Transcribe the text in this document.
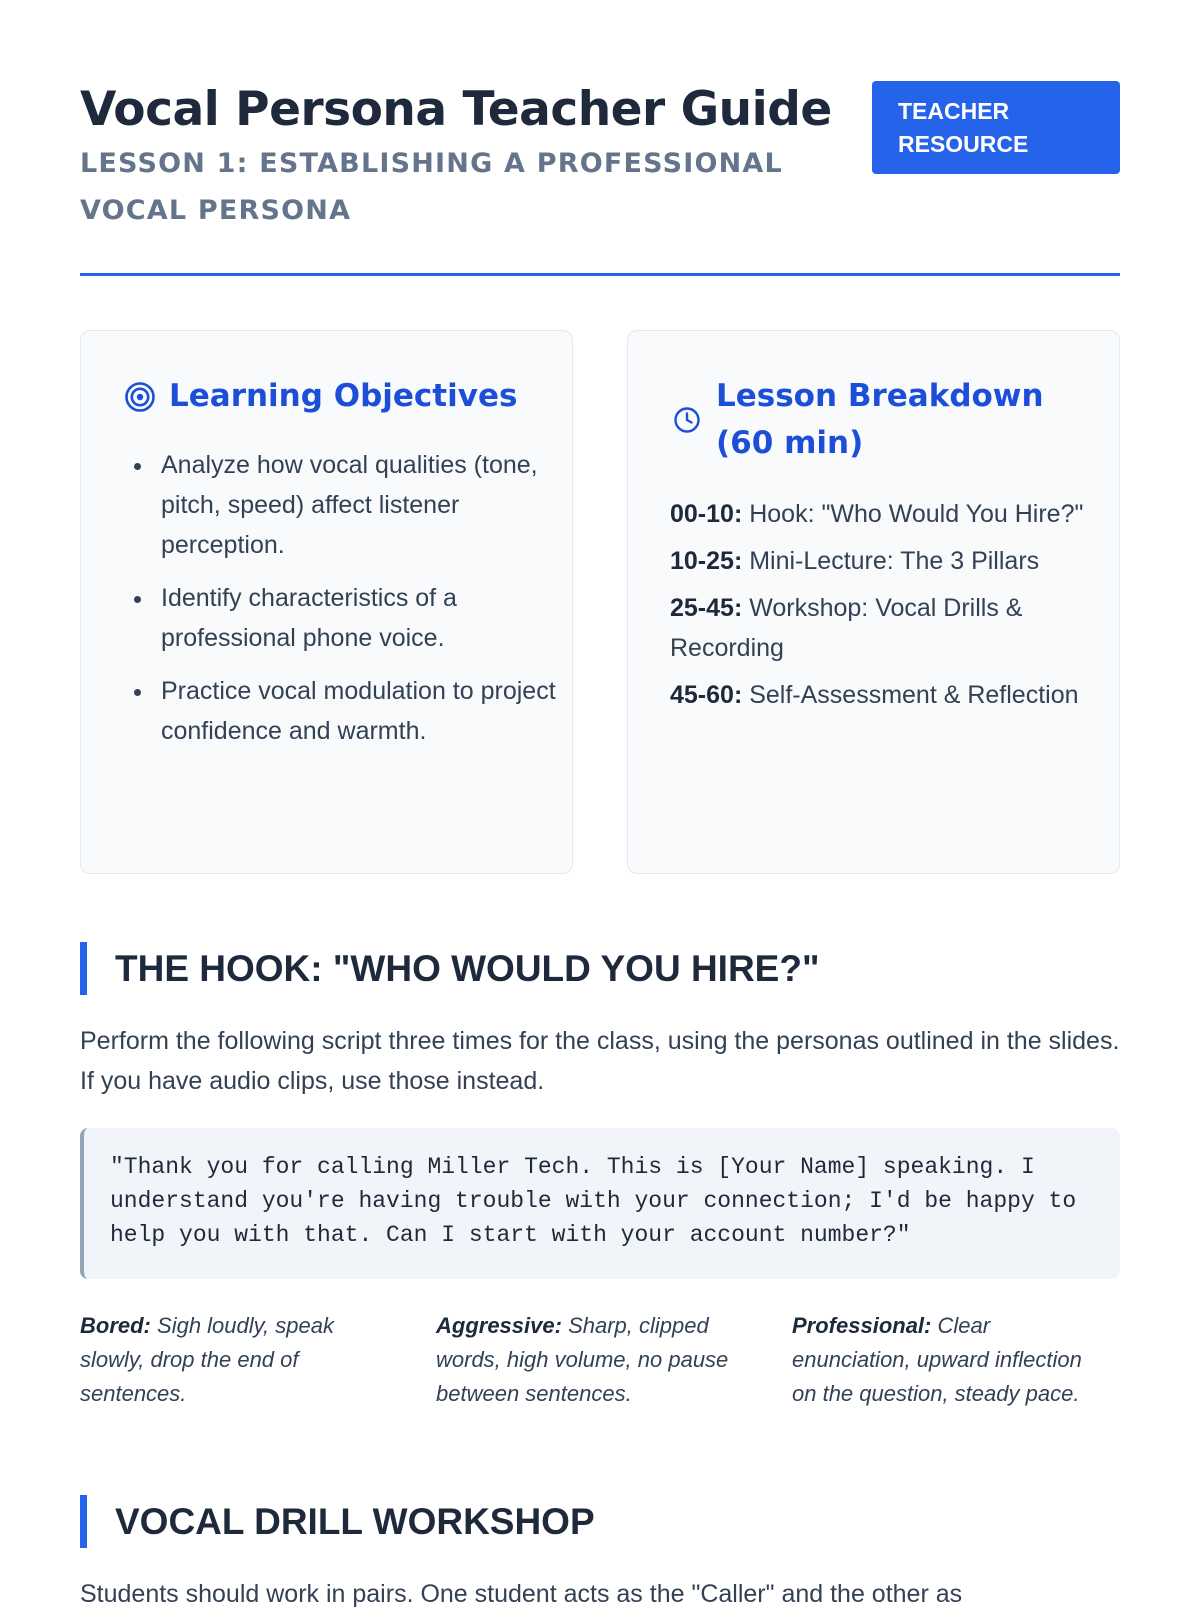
Vocal Persona Teacher Guide
LESSON 1: ESTABLISHING A PROFESSIONAL VOCAL PERSONA
TEACHER RESOURCE
Learning Objectives
• Analyze how vocal qualities (tone, pitch, speed) affect listener perception.
• Identify characteristics of a professional phone voice.
• Practice vocal modulation to project confidence and warmth.
Lesson Breakdown (60 min)
00-10: Hook: "Who Would You Hire?"
10-25: Mini-Lecture: The 3 Pillars
25-45: Workshop: Vocal Drills & Recording
45-60: Self-Assessment & Reflection
THE HOOK: "WHO WOULD YOU HIRE?"

Perform the following script three times for the class, using the personas outlined in the slides. If you have audio clips, use those instead.

"Thank you for calling Miller Tech. This is [Your Name] speaking. I understand you're having trouble with your connection; I'd be happy to help you with that. Can I start with your account number?"
Bored: Sigh loudly, speak slowly, drop the end of sentences.
Aggressive: Sharp, clipped words, high volume, no pause between sentences.
Professional: Clear enunciation, upward inflection on the question, steady pace.
VOCAL DRILL WORKSHOP

Students should work in pairs. One student acts as the "Caller" and the other as
